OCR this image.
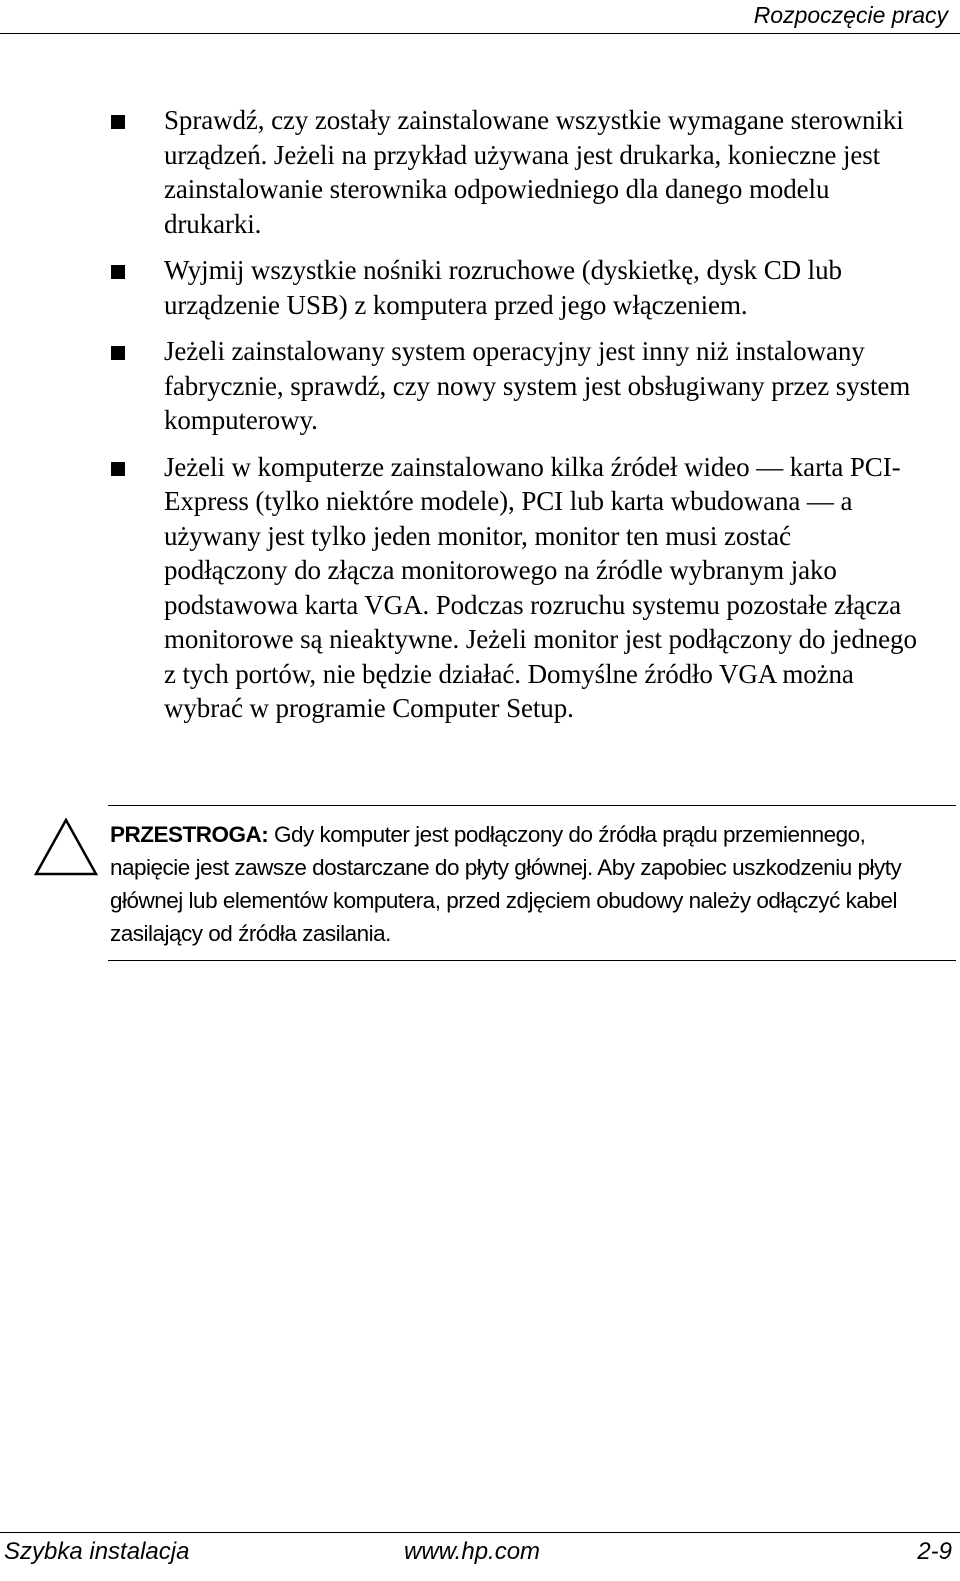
Rozpoczęcie pracy
Sprawdź, czy zostały zainstalowane wszystkie wymagane sterowniki urządzeń. Jeżeli na przykład używana jest drukarka, konieczne jest zainstalowanie sterownika odpowiedniego dla danego modelu drukarki.
Wyjmij wszystkie nośniki rozruchowe (dyskietkę, dysk CD lub urządzenie USB) z komputera przed jego włączeniem.
Jeżeli zainstalowany system operacyjny jest inny niż instalowany fabrycznie, sprawdź, czy nowy system jest obsługiwany przez system komputerowy.
Jeżeli w komputerze zainstalowano kilka źródeł wideo — karta PCI-Express (tylko niektóre modele), PCI lub karta wbudowana — a używany jest tylko jeden monitor, monitor ten musi zostać podłączony do złącza monitorowego na źródle wybranym jako podstawowa karta VGA. Podczas rozruchu systemu pozostałe złącza monitorowe są nieaktywne. Jeżeli monitor jest podłączony do jednego z tych portów, nie będzie działać. Domyślne źródło VGA można wybrać w programie Computer Setup.
PRZESTROGA: Gdy komputer jest podłączony do źródła prądu przemiennego, napięcie jest zawsze dostarczane do płyty głównej. Aby zapobiec uszkodzeniu płyty głównej lub elementów komputera, przed zdjęciem obudowy należy odłączyć kabel zasilający od źródła zasilania.
Szybka instalacja	www.hp.com	2-9
